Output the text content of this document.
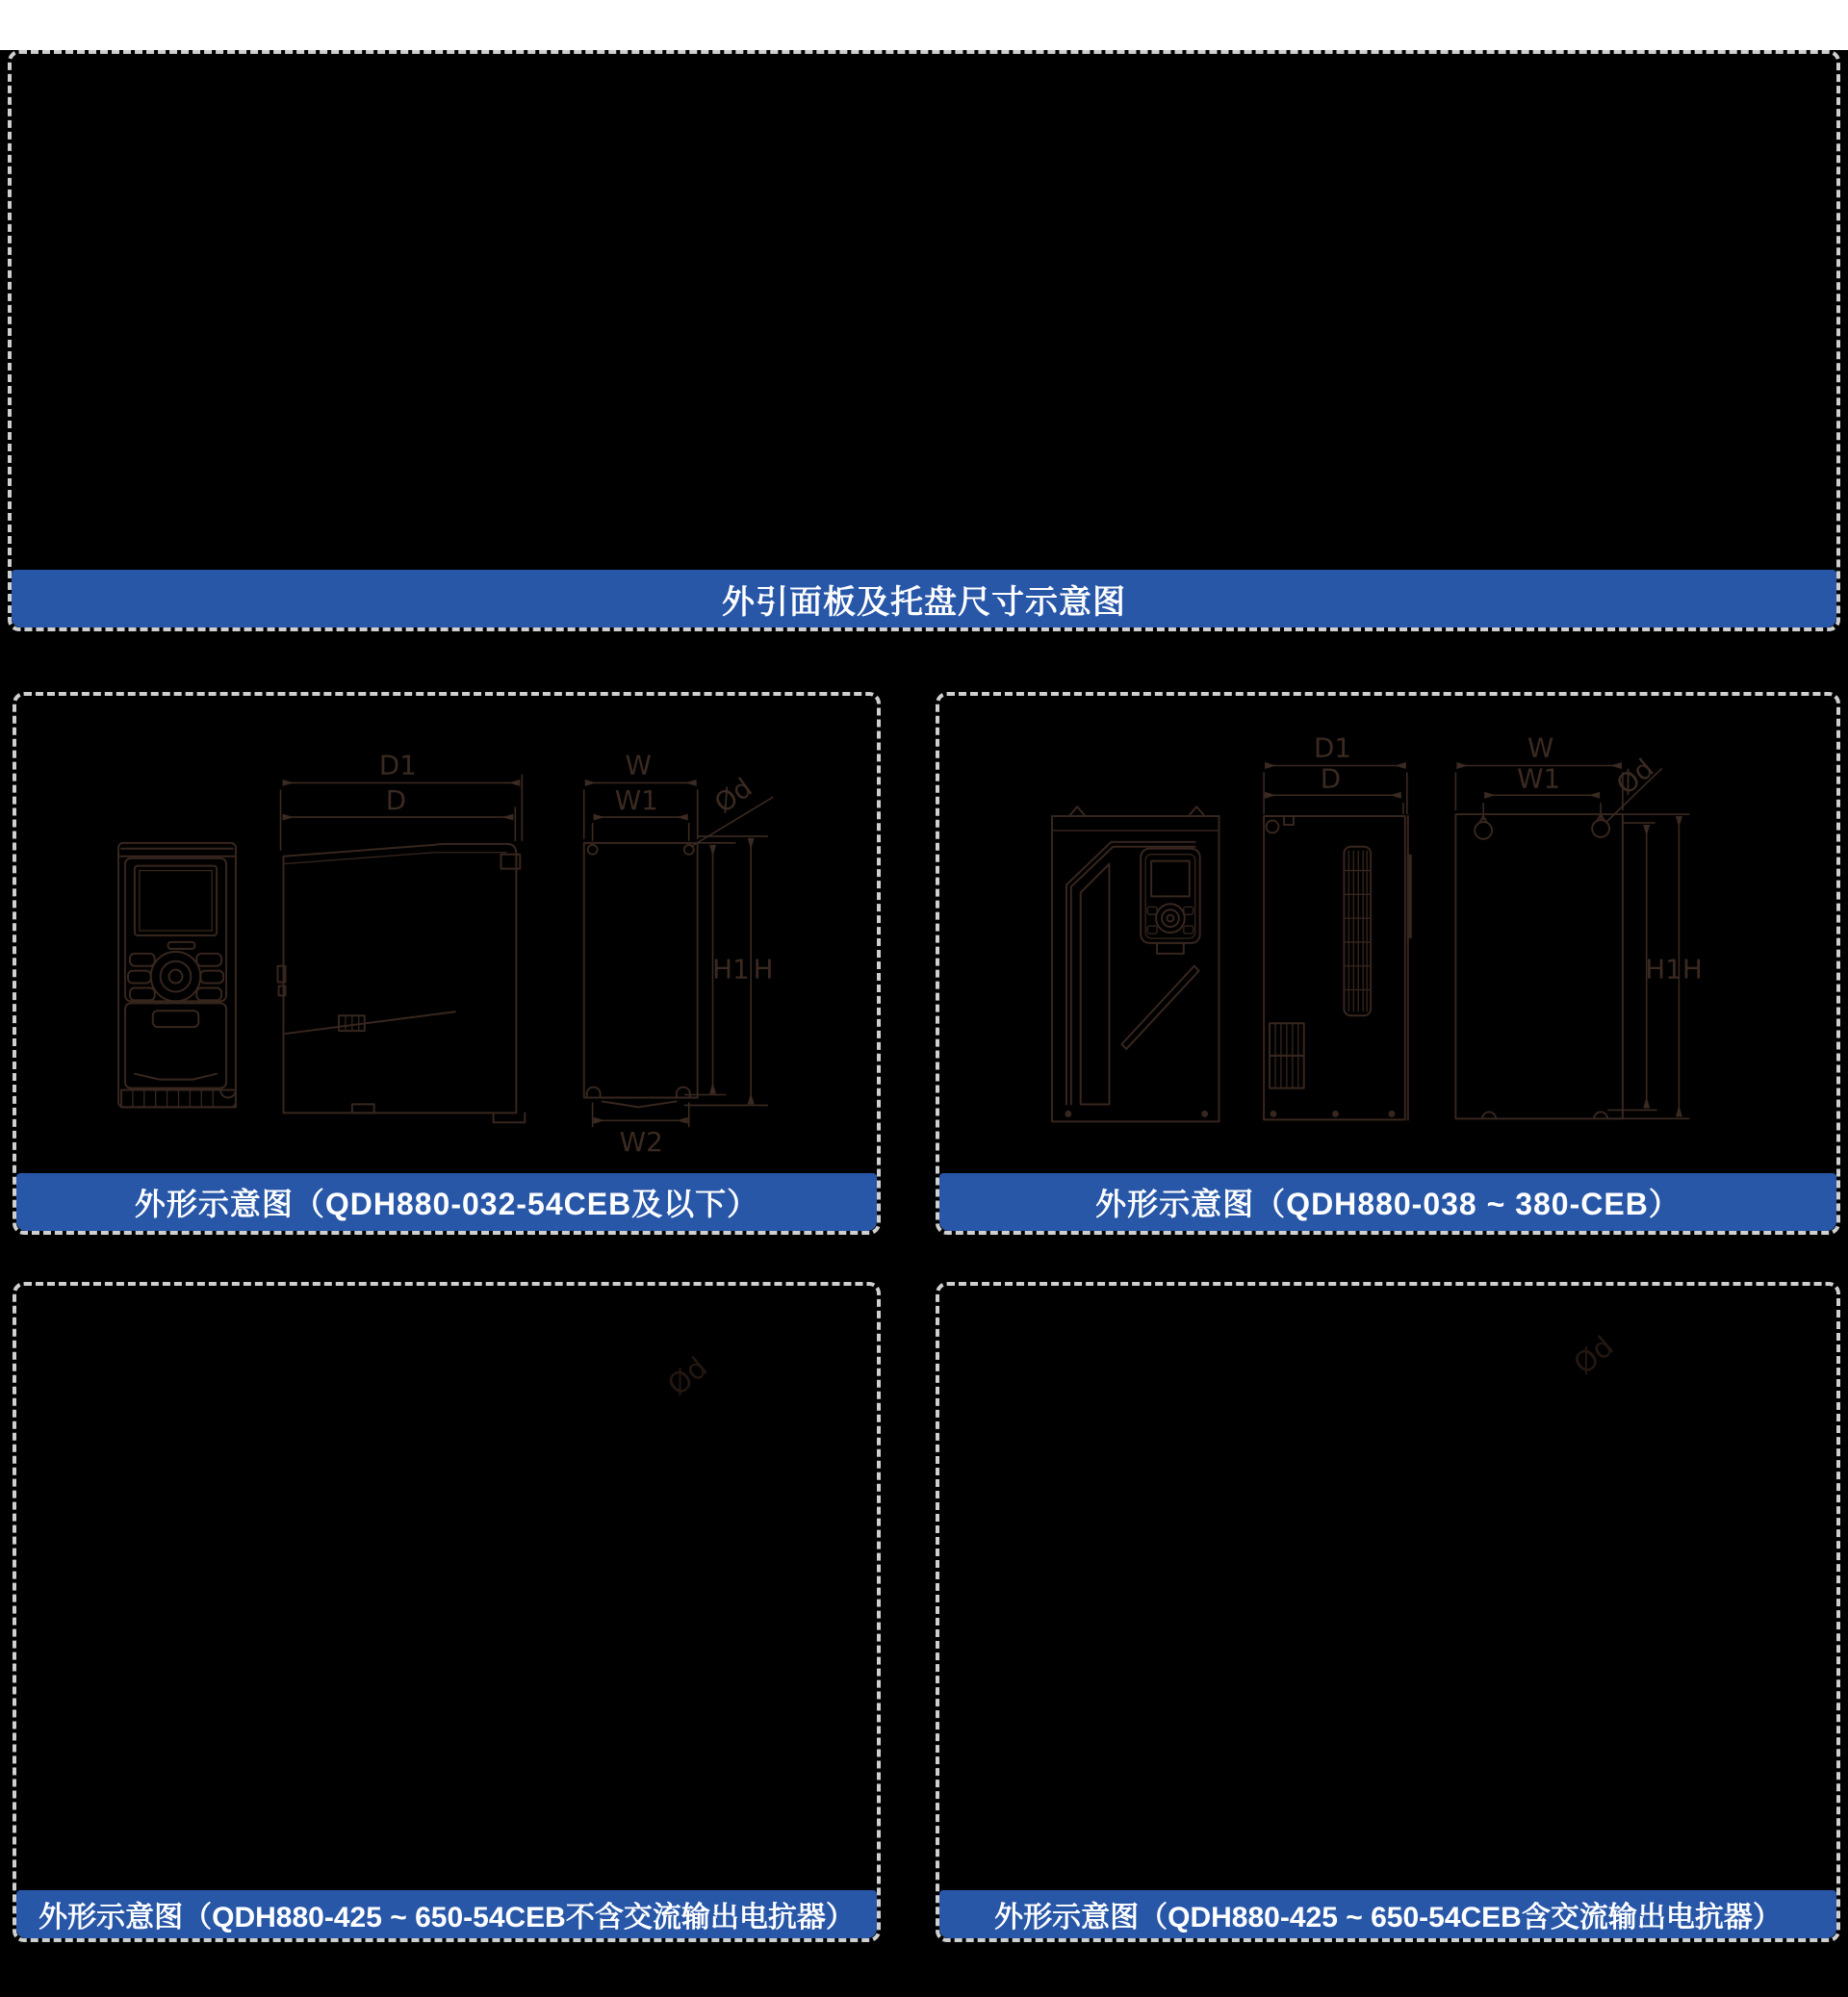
外引面板及托盘尺寸示意图
D1
D
W
W1 Ød
H1 H
W2
外形示意图（QDH880-032-54CEB及以下）
D1
D
W
W1 Ød
H1 H
外形示意图（QDH880-038 ~ 380-CEB）
Ød
外形示意图（QDH880-425 ~ 650-54CEB不含交流输出电抗器）
Ød
外形示意图（QDH880-425 ~ 650-54CEB含交流输出电抗器）
